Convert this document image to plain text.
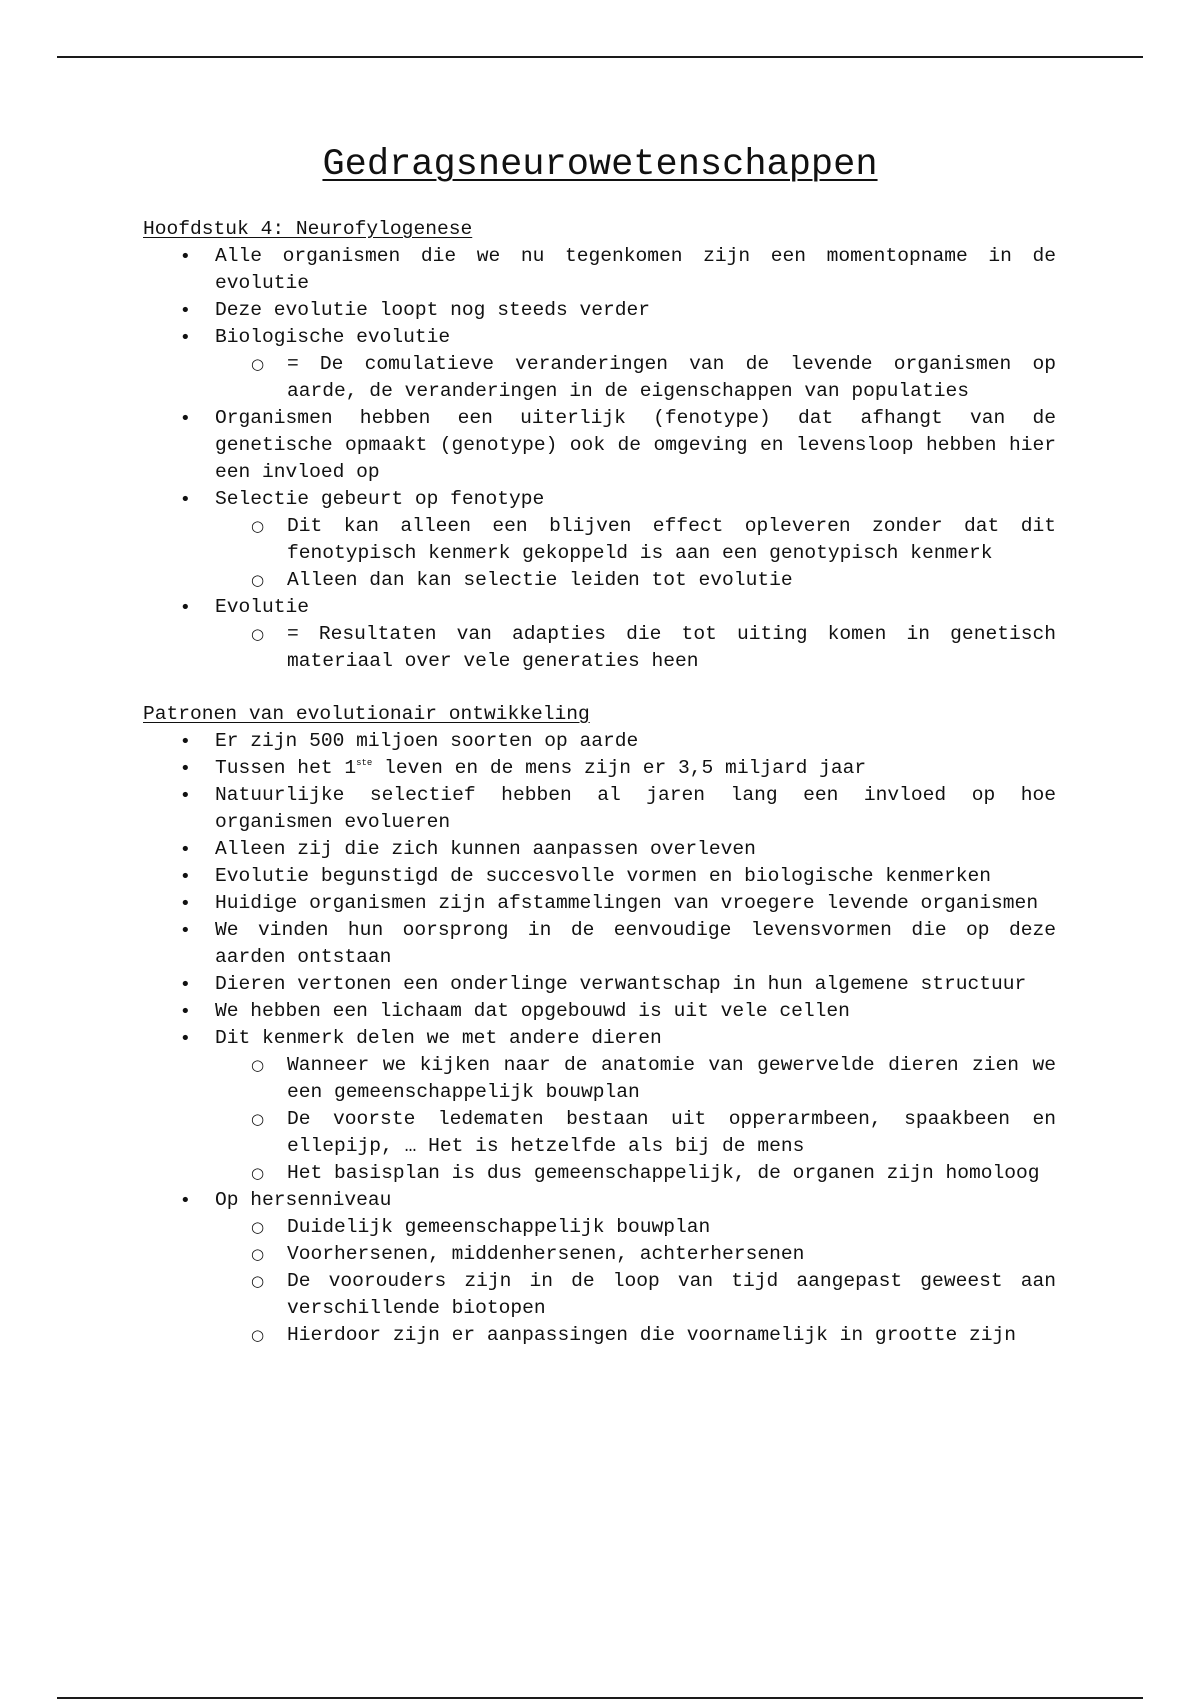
Gedragsneurowetenschappen

Hoofdstuk 4: Neurofylogenese

•	Alle organismen die we nu tegenkomen zijn een momentopname in de evolutie
•	Deze evolutie loopt nog steeds verder
•	Biologische evolutie
○	= De comulatieve veranderingen van de levende organismen op aarde, de veranderingen in de eigenschappen van populaties
•	Organismen hebben een uiterlijk (fenotype) dat afhangt van de genetische opmaakt (genotype) ook de omgeving en levensloop hebben hier een invloed op
•	Selectie gebeurt op fenotype
○	Dit kan alleen een blijven effect opleveren zonder dat dit fenotypisch kenmerk gekoppeld is aan een genotypisch kenmerk
○	Alleen dan kan selectie leiden tot evolutie
•	Evolutie
○	= Resultaten van adapties die tot uiting komen in genetisch materiaal over vele generaties heen

Patronen van evolutionair ontwikkeling

•	Er zijn 500 miljoen soorten op aarde
•	Tussen het 1ste leven en de mens zijn er 3,5 miljard jaar
•	Natuurlijke selectief hebben al jaren lang een invloed op hoe organismen evolueren
•	Alleen zij die zich kunnen aanpassen overleven
•	Evolutie begunstigd de succesvolle vormen en biologische kenmerken
•	Huidige organismen zijn afstammelingen van vroegere levende organismen
•	We vinden hun oorsprong in de eenvoudige levensvormen die op deze aarden ontstaan
•	Dieren vertonen een onderlinge verwantschap in hun algemene structuur
•	We hebben een lichaam dat opgebouwd is uit vele cellen
•	Dit kenmerk delen we met andere dieren
○	Wanneer we kijken naar de anatomie van gewervelde dieren zien we een gemeenschappelijk bouwplan
○	De voorste ledematen bestaan uit opperarmbeen, spaakbeen en ellepijp, … Het is hetzelfde als bij de mens
○	Het basisplan is dus gemeenschappelijk, de organen zijn homoloog
•	Op hersenniveau
○	Duidelijk gemeenschappelijk bouwplan
○	Voorhersenen, middenhersenen, achterhersenen
○	De voorouders zijn in de loop van tijd aangepast geweest aan verschillende biotopen
○	Hierdoor zijn er aanpassingen die voornamelijk in grootte zijn
